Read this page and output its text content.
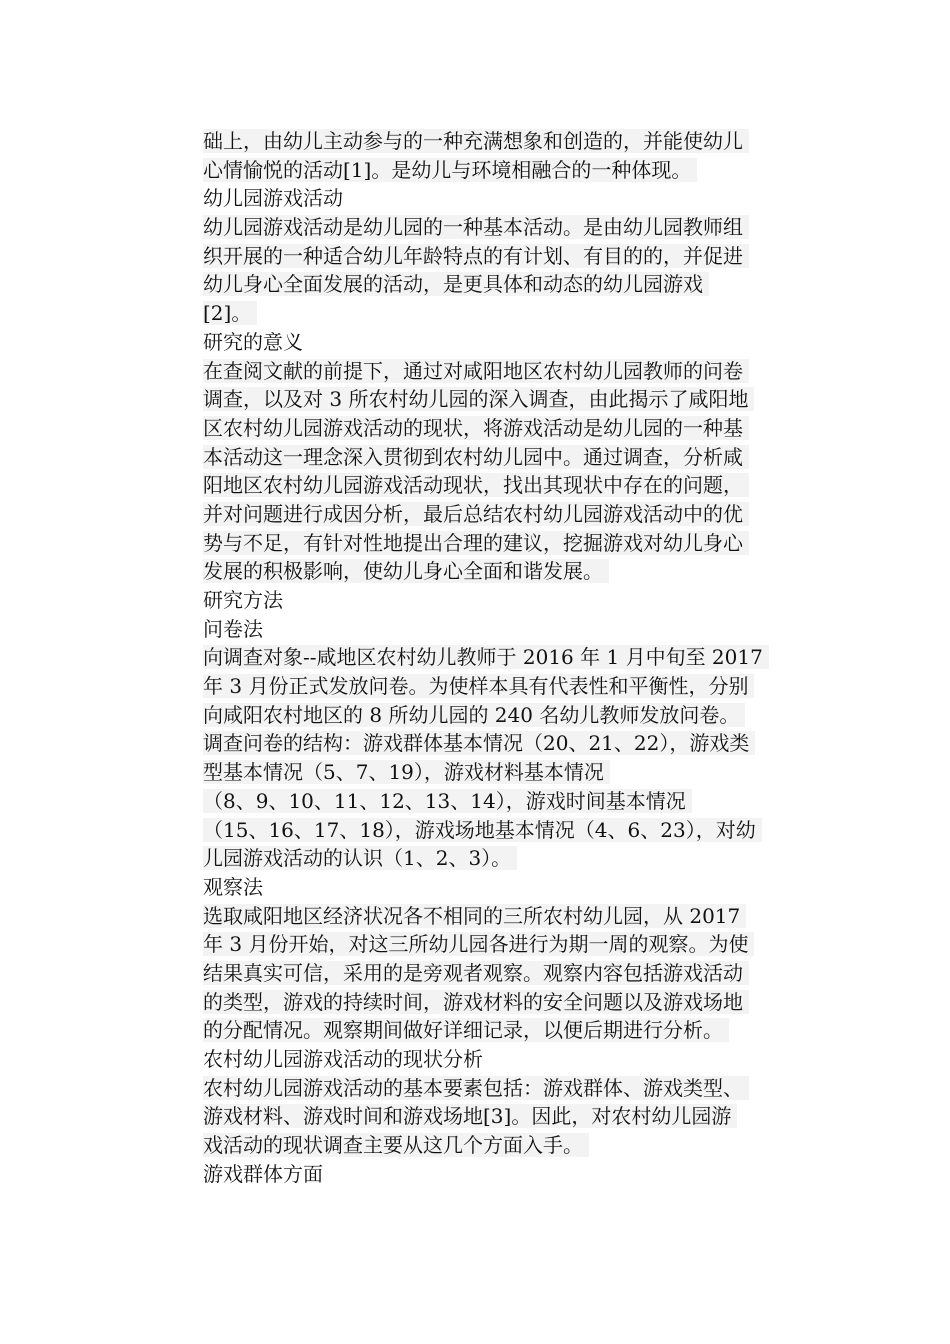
础上，由幼儿主动参与的一种充满想象和创造的，并能使幼儿
心情愉悦的活动[1]。是幼儿与环境相融合的一种体现。
幼儿园游戏活动
幼儿园游戏活动是幼儿园的一种基本活动。是由幼儿园教师组
织开展的一种适合幼儿年龄特点的有计划、有目的的，并促进
幼儿身心全面发展的活动，是更具体和动态的幼儿园游戏
[2]。
研究的意义
在查阅文献的前提下，通过对咸阳地区农村幼儿园教师的问卷
调查，以及对 3 所农村幼儿园的深入调查，由此揭示了咸阳地
区农村幼儿园游戏活动的现状，将游戏活动是幼儿园的一种基
本活动这一理念深入贯彻到农村幼儿园中。通过调查，分析咸
阳地区农村幼儿园游戏活动现状，找出其现状中存在的问题，
并对问题进行成因分析，最后总结农村幼儿园游戏活动中的优
势与不足，有针对性地提出合理的建议，挖掘游戏对幼儿身心
发展的积极影响，使幼儿身心全面和谐发展。
研究方法
问卷法
向调查对象--咸地区农村幼儿教师于 2016 年 1 月中旬至 2017
年 3 月份正式发放问卷。为使样本具有代表性和平衡性，分别
向咸阳农村地区的 8 所幼儿园的 240 名幼儿教师发放问卷。
调查问卷的结构：游戏群体基本情况（20、21、22），游戏类
型基本情况（5、7、19），游戏材料基本情况
（8、9、10、11、12、13、14），游戏时间基本情况
（15、16、17、18），游戏场地基本情况（4、6、23），对幼
儿园游戏活动的认识（1、2、3）。
观察法
选取咸阳地区经济状况各不相同的三所农村幼儿园，从 2017
年 3 月份开始，对这三所幼儿园各进行为期一周的观察。为使
结果真实可信，采用的是旁观者观察。观察内容包括游戏活动
的类型，游戏的持续时间，游戏材料的安全问题以及游戏场地
的分配情况。观察期间做好详细记录，以便后期进行分析。
农村幼儿园游戏活动的现状分析
农村幼儿园游戏活动的基本要素包括：游戏群体、游戏类型、
游戏材料、游戏时间和游戏场地[3]。因此，对农村幼儿园游
戏活动的现状调查主要从这几个方面入手。
游戏群体方面
